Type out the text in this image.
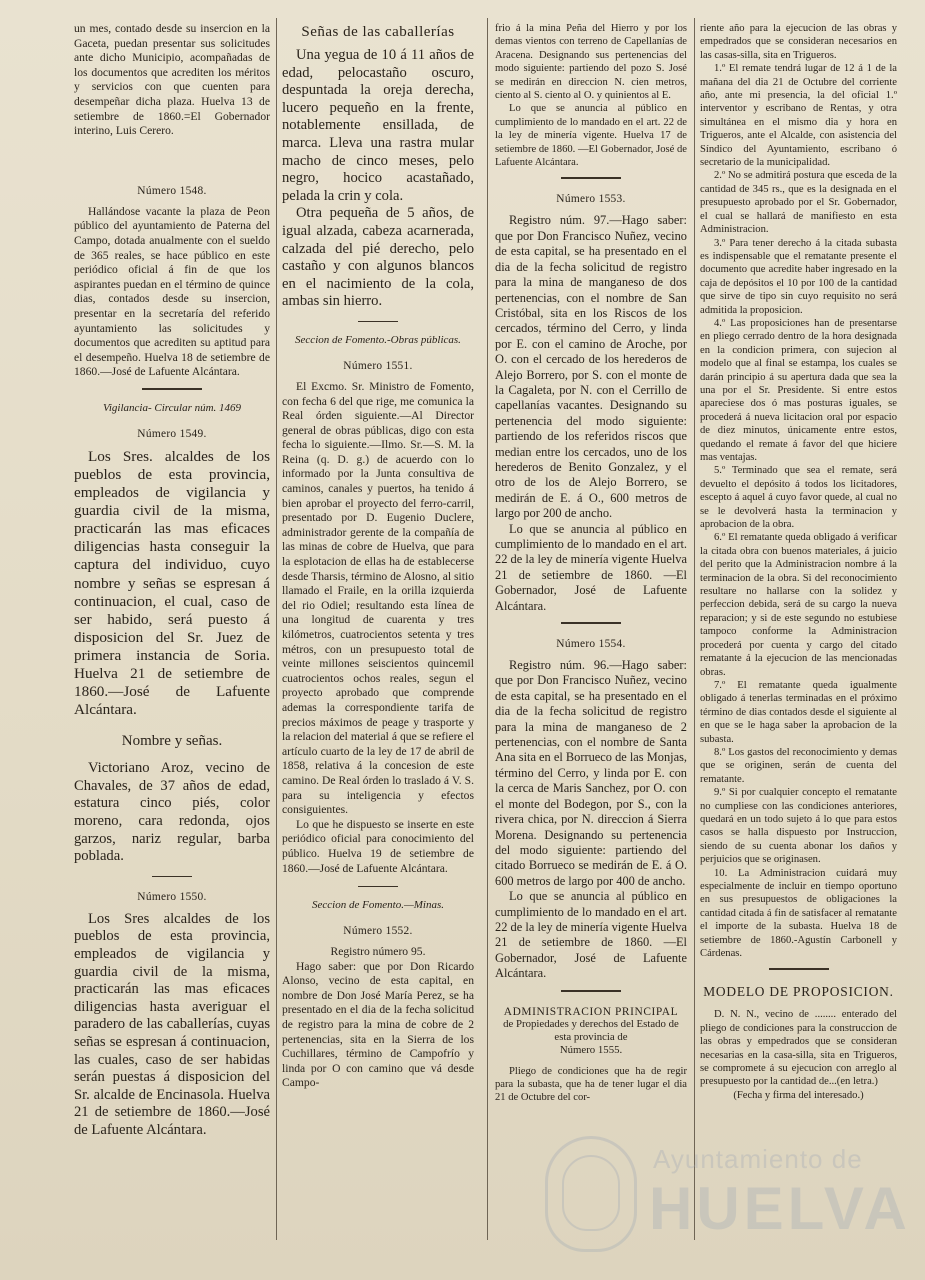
un mes, contado desde su insercion en la Gaceta, puedan presentar sus solicitudes ante dicho Municipio, acompañadas de los documentos que acrediten los méritos y servicios con que cuenten para desempeñar dicha plaza. Huelva 13 de setiembre de 1860.=El Gobernador interino, Luis Cerero.

Número 1548.

Hallándose vacante la plaza de Peon público del ayuntamiento de Paterna del Campo, dotada anualmente con el sueldo de 365 reales, se hace público en este periódico oficial á fin de que los aspirantes puedan en el término de quince dias, contados desde su insercion, presentar en la secretaría del referido ayuntamiento las solicitudes y documentos que acrediten su aptitud para el desempeño. Huelva 18 de setiembre de 1860.—José de Lafuente Alcántara.

Vigilancia- Circular núm. 1469
Número 1549.

Los Sres. alcaldes de los pueblos de esta provincia, empleados de vigilancia y guardia civil de la misma, practicarán las mas eficaces diligencias hasta conseguir la captura del individuo, cuyo nombre y señas se espresan á continuacion, el cual, caso de ser habido, será puesto á disposicion del Sr. Juez de primera instancia de Soria. Huelva 21 de setiembre de 1860.—José de Lafuente Alcántara.

Nombre y señas.

Victoriano Aroz, vecino de Chavales, de 37 años de edad, estatura cinco piés, color moreno, cara redonda, ojos garzos, nariz regular, barba poblada.

Número 1550.

Los Sres alcaldes de los pueblos de esta provincia, empleados de vigilancia y guardia civil de la misma, practicarán las mas eficaces diligencias hasta averiguar el paradero de las caballerías, cuyas señas se espresan á continuacion, las cuales, caso de ser habidas serán puestas á disposicion del Sr. alcalde de Encinasola. Huelva 21 de setiembre de 1860.—José de Lafuente Alcántara.

Señas de las caballerías

Una yegua de 10 á 11 años de edad, pelocastaño oscuro, despuntada la oreja derecha, lucero pequeño en la frente, notablemente ensillada, de marca. Lleva una rastra mular macho de cinco meses, pelo negro, hocico acastañado, pelada la crin y cola.

Otra pequeña de 5 años, de igual alzada, cabeza acarnerada, calzada del pié derecho, pelo castaño y con algunos blancos en el nacimiento de la cola, ambas sin hierro.

Seccion de Fomento.-Obras públicas.
Número 1551.

El Excmo. Sr. Ministro de Fomento, con fecha 6 del que rige, me comunica la Real órden siguiente.—Al Director general de obras públicas, digo con esta fecha lo siguiente.—Ilmo. Sr.—S. M. la Reina (q. D. g.) de acuerdo con lo informado por la Junta consultiva de caminos, canales y puertos, ha tenido á bien aprobar el proyecto del ferro-carril, presentado por D. Eugenio Duclere, administrador gerente de la compañía de las minas de cobre de Huelva, que para la esplotacion de ellas ha de establecerse desde Tharsis, término de Alosno, al sitio llamado el Fraile, en la orilla izquierda del rio Odiel; resultando esta línea de una longitud de cuarenta y tres kilómetros, cuatrocientos setenta y tres métros, con un presupuesto total de veinte millones seiscientos quincemil cuatrocientos ochos reales, segun el proyecto aprobado que comprende ademas la correspondiente tarifa de precios máximos de peage y trasporte y la relacion del material á que se refiere el artículo cuarto de la ley de 17 de abril de 1858, relativa á la concesion de este camino. De Real órden lo traslado á V. S. para su inteligencia y efectos consiguientes.

Lo que he dispuesto se inserte en este periódico oficial para conocimiento del público. Huelva 19 de setiembre de 1860.—José de Lafuente Alcántara.

Seccion de Fomento.—Minas.
Número 1552.
Registro número 95.

Hago saber: que por Don Ricardo Alonso, vecino de esta capital, en nombre de Don José María Perez, se ha presentado en el dia de la fecha solicitud de registro para la mina de cobre de 2 pertenencias, sita en la Sierra de los Cuchillares, término de Campofrío y linda por O con camino que vá desde Campo-

frio á la mina Peña del Hierro y por los demas vientos con terreno de Capellanías de Aracena. Designando sus pertenencias del modo siguiente: partiendo del pozo S. José se medirán en direccion N. cien metros, ciento al S. ciento al O. y quinientos al E.

Lo que se anuncia al público en cumplimiento de lo mandado en el art. 22 de la ley de minería vigente. Huelva 17 de setiembre de 1860. —El Gobernador, José de Lafuente Alcántara.

Número 1553.

Registro núm. 97.—Hago saber: que por Don Francisco Nuñez, vecino de esta capital, se ha presentado en el dia de la fecha solicitud de registro para la mina de manganeso de dos pertenencias, con el nombre de San Cristóbal, sita en los Riscos de los cercados, término del Cerro, y linda por E. con el camino de Aroche, por O. con el cercado de los herederos de Alejo Borrero, por S. con el monte de la Cagaleta, por N. con el Cerrillo de capellanías vacantes. Designando su pertenencia del modo siguiente: partiendo de los referidos riscos que median entre los cercados, uno de los herederos de Benito Gonzalez, y el otro de los de Alejo Borrero, se medirán de E. á O., 600 metros de largo por 200 de ancho.

Lo que se anuncia al público en cumplimiento de lo mandado en el art. 22 de la ley de minería vigente Huelva 21 de setiembre de 1860. —El Gobernador, José de Lafuente Alcántara.

Número 1554.

Registro núm. 96.—Hago saber: que por Don Francisco Nuñez, vecino de esta capital, se ha presentado en el dia de la fecha solicitud de registro para la mina de manganeso de 2 pertenencias, con el nombre de Santa Ana sita en el Borrueco de las Monjas, término del Cerro, y linda por E. con la cerca de Maris Sanchez, por O. con el monte del Bodegon, por S., con la rivera chica, por N. direccion á Sierra Morena. Designando su pertenencia del modo siguiente: partiendo del citado Borrueco se medirán de E. á O. 600 metros de largo por 400 de ancho.

Lo que se anuncia al público en cumplimiento de lo mandado en el art. 22 de la ley de minería vigente Huelva 21 de setiembre de 1860. —El Gobernador, José de Lafuente Alcántara.

ADMINISTRACION PRINCIPAL
de Propiedades y derechos del Estado de esta provincia de
Número 1555.

Pliego de condiciones que ha de regir para la subasta, que ha de tener lugar el dia 21 de Octubre del cor-

riente año para la ejecucion de las obras y empedrados que se consideran necesarios en las casas-silla, sita en Trigueros.

1.º El remate tendrá lugar de 12 á 1 de la mañana del dia 21 de Octubre del corriente año, ante mi presencia, la del oficial 1.º interventor y escribano de Rentas, y otra simultánea en el mismo dia y hora en Trigueros, ante el Alcalde, con asistencia del Síndico del Ayuntamiento, escribano ó secretario de la municipalidad.

2.º No se admitirá postura que esceda de la cantidad de 345 rs., que es la designada en el presupuesto aprobado por el Sr. Gobernador, el cual se hallará de manifiesto en esta Administracion.

3.º Para tener derecho á la citada subasta es indispensable que el rematante presente el documento que acredite haber ingresado en la caja de depósitos el 10 por 100 de la cantidad que sirve de tipo sin cuyo requisito no será admitida la proposicion.

4.º Las proposiciones han de presentarse en pliego cerrado dentro de la hora designada en la condicion primera, con sujecion al modelo que al final se estampa, los cuales se darán principio á su apertura dada que sea la una por el Sr. Presidente. Si entre estos apareciese dos ó mas posturas iguales, se procederá á nueva licitacion oral por espacio de diez minutos, únicamente entre estos, quedando el remate á favor del que hiciere mas ventajas.

5.º Terminado que sea el remate, será devuelto el depósito á todos los licitadores, escepto á aquel á cuyo favor quede, al cual no se le devolverá hasta la terminacion y aprobacion de la obra.

6.º El rematante queda obligado á verificar la citada obra con buenos materiales, á juicio del perito que la Administracion nombre á la terminacion de la obra. Si del reconocimiento resultare no hallarse con la solidez y perfeccion debida, será de su cargo la nueva reparacion; y si de este segundo no estubiese tampoco conforme la Administracion procederá por cuenta y cargo del citado rematante á la ejecucion de las mencionadas obras.

7.º El rematante queda igualmente obligado á tenerlas terminadas en el próximo término de dias contados desde el siguiente al en que se le haga saber la aprobacion de la subasta.

8.º Los gastos del reconocimiento y demas que se originen, serán de cuenta del rematante.

9.º Si por cualquier concepto el rematante no cumpliese con las condiciones anteriores, quedará en un todo sujeto á lo que para estos casos se halla dispuesto por Instruccion, siendo de su cuenta abonar los daños y perjuicios que se originasen.

10. La Administracion cuidará muy especialmente de incluir en tiempo oportuno en sus presupuestos de obligaciones la cantidad citada á fin de satisfacer al rematante el importe de la subasta. Huelva 18 de setiembre de 1860.-Agustín Carbonell y Cárdenas.

MODELO DE PROPOSICION.

D. N. N., vecino de ........ enterado del pliego de condiciones para la construccion de las obras y empedrados que se consideran necesarias en la casa-silla, sita en Trigueros, se compromete á su ejecucion con arreglo al presupuesto por la cantidad de...(en letra.)

(Fecha y firma del interesado.)

Ayuntamiento de
HUELVA
